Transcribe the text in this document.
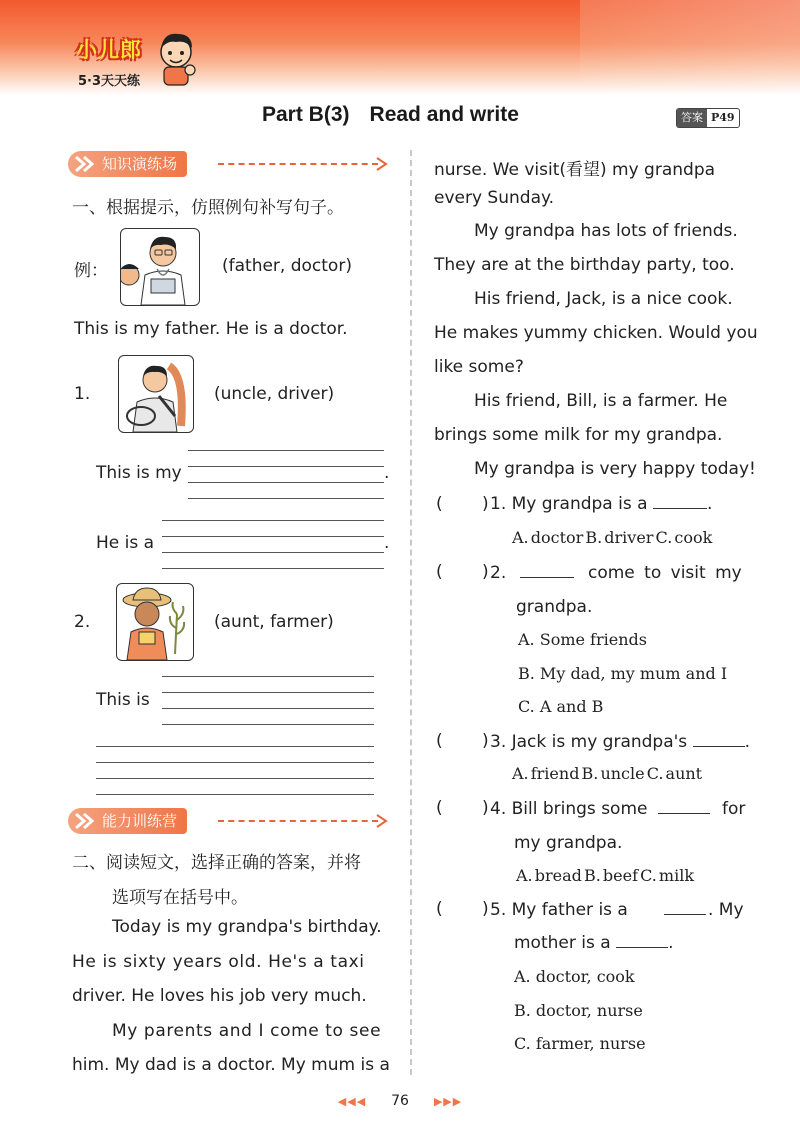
小儿郎
5·3天天练
Part B(3) Read and write	答案 P49
知识演练场
一、根据提示，仿照例句补写句子。
例：	(father, doctor)
This is my father. He is a doctor.
1.	(uncle, driver)
This is my	.
He is a	.
2.	(aunt, farmer)
This is
能力训练营
二、阅读短文，选择正确的答案，并将
选项写在括号中。
Today is my grandpa's birthday.
He is sixty years old. He's a taxi
driver. He loves his job very much.
My parents and I come to see
him. My dad is a doctor. My mum is a
nurse. We visit(看望) my grandpa
every Sunday.
My grandpa has lots of friends.
They are at the birthday party, too.
His friend, Jack, is a nice cook.
He makes yummy chicken. Would you
like some?
His friend, Bill, is a farmer. He
brings some milk for my grandpa.
My grandpa is very happy today!
( ) 1. My grandpa is a	.
A. doctor B. driver C. cook
( ) 2.	come to visit my
grandpa.
A. Some friends
B. My dad, my mum and I
C. A and B
( ) 3. Jack is my grandpa's	.
A. friend B. uncle C. aunt
( ) 4. Bill brings some	for
my grandpa.
A. bread B. beef C. milk
( ) 5. My father is a	. My
mother is a	.
A. doctor, cook
B. doctor, nurse
C. farmer, nurse
◀◀◀ 76 ▶▶▶
